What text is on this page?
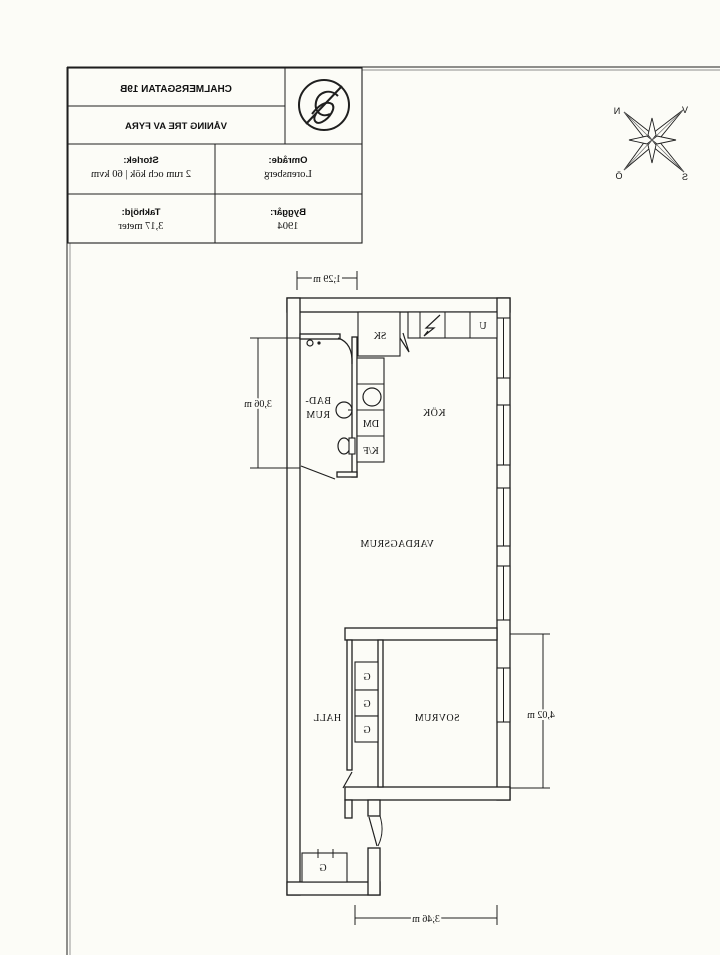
CHALMERSGATAN 19B
VÅNING TRE AV FYRA
Storlek:
2 rum och kök | 60 kvm
Område:
Lorensberg
Takhöjd:
3,17 meter
Byggår:
1904
N	V
Ö	S
KÖK
VARDAGSRUM
SOVRUM
HALL
BAD-
RUM
SK
U
DM
K/F
G
G
G
G
1,29 m
3,06 m
4,02 m
3,46 m
